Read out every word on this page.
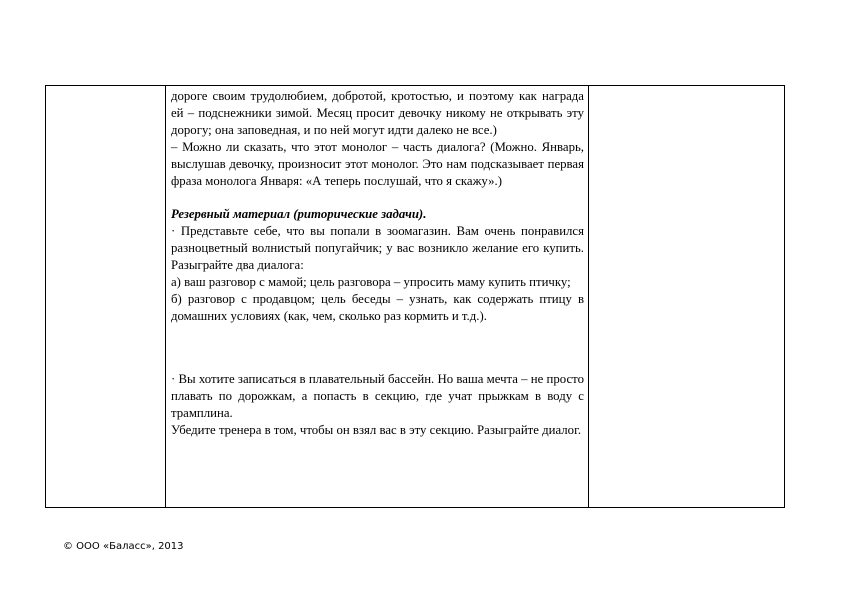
дороге своим трудолюбием, добротой, кротостью, и поэтому как награда ей – подснежники зимой. Месяц просит девочку никому не открывать эту дорогу; она заповедная, и по ней могут идти далеко не все.)

– Можно ли сказать, что этот монолог – часть диалога? (Можно. Январь, выслушав девочку, произносит этот монолог. Это нам подсказывает первая фраза монолога Января: «А теперь послушай, что я скажу».)

Резервный материал (риторические задачи).

· Представьте себе, что вы попали в зоомагазин. Вам очень понравился разноцветный волнистый попугайчик; у вас возникло желание его купить. Разыграйте два диалога:

а) ваш разговор с мамой; цель разговора – упросить маму купить птичку;

б) разговор с продавцом; цель беседы – узнать, как содержать птицу в домашних условиях (как, чем, сколько раз кормить и т.д.).

· Вы хотите записаться в плавательный бассейн. Но ваша мечта – не просто плавать по дорожкам, а попасть в секцию, где учат прыжкам в воду с трамплина.

Убедите тренера в том, чтобы он взял вас в эту секцию. Разыграйте диалог.

© ООО «Баласс», 2013
